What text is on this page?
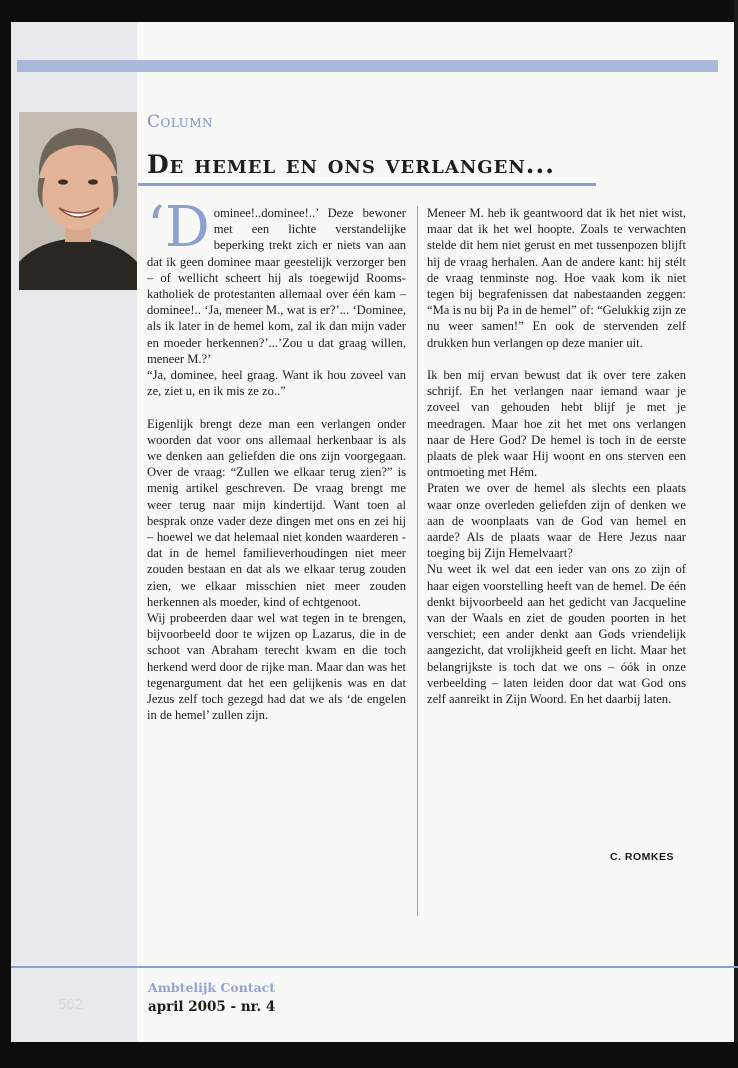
Column

De hemel en ons verlangen...

‘D ominee!..dominee!..’ Deze bewoner met een lichte verstandelijke beperking trekt zich er niets van aan dat ik geen dominee maar geestelijk verzorger ben – of wellicht scheert hij als toegewijd Rooms-katholiek de protestanten allemaal over één kam – dominee!.. ‘Ja, meneer M., wat is er?’... ‘Dominee, als ik later in de hemel kom, zal ik dan mijn vader en moeder herkennen?’...’Zou u dat graag willen, meneer M.?’

“Ja, dominee, heel graag. Want ik hou zoveel van ze, ziet u, en ik mis ze zo..”

Eigenlijk brengt deze man een verlangen onder woorden dat voor ons allemaal herkenbaar is als we denken aan geliefden die ons zijn voorgegaan. Over de vraag: “Zullen we elkaar terug zien?” is menig artikel geschreven. De vraag brengt me weer terug naar mijn kindertijd. Want toen al besprak onze vader deze dingen met ons en zei hij – hoewel we dat helemaal niet konden waarderen - dat in de hemel familieverhoudingen niet meer zouden bestaan en dat als we elkaar terug zouden zien, we elkaar misschien niet meer zouden herkennen als moeder, kind of echtgenoot.

Wij probeerden daar wel wat tegen in te brengen, bijvoorbeeld door te wijzen op Lazarus, die in de schoot van Abraham terecht kwam en die toch herkend werd door de rijke man. Maar dan was het tegenargument dat het een gelijkenis was en dat Jezus zelf toch gezegd had dat we als ‘de engelen in de hemel’ zullen zijn.

Meneer M. heb ik geantwoord dat ik het niet wist, maar dat ik het wel hoopte. Zoals te verwachten stelde dit hem niet gerust en met tussenpozen blijft hij de vraag herhalen. Aan de andere kant: hij stélt de vraag tenminste nog. Hoe vaak kom ik niet tegen bij begrafenissen dat nabestaanden zeggen: “Ma is nu bij Pa in de hemel” of: “Gelukkig zijn ze nu weer samen!” En ook de stervenden zelf drukken hun verlangen op deze manier uit.

Ik ben mij ervan bewust dat ik over tere zaken schrijf. En het verlangen naar iemand waar je zoveel van gehouden hebt blijf je met je meedragen. Maar hoe zit het met ons verlangen naar de Here God? De hemel is toch in de eerste plaats de plek waar Hij woont en ons sterven een ontmoeting met Hém.

Praten we over de hemel als slechts een plaats waar onze overleden geliefden zijn of denken we aan de woonplaats van de God van hemel en aarde? Als de plaats waar de Here Jezus naar toeging bij Zijn Hemelvaart?

Nu weet ik wel dat een ieder van ons zo zijn of haar eigen voorstelling heeft van de hemel. De één denkt bijvoorbeeld aan het gedicht van Jacqueline van der Waals en ziet de gouden poorten in het verschiet; een ander denkt aan Gods vriendelijk aangezicht, dat vrolijkheid geeft en licht. Maar het belangrijkste is toch dat we ons – óók in onze verbeelding – laten leiden door dat wat God ons zelf aanreikt in Zijn Woord. En het daarbij laten.

C. ROMKES

562

Ambtelijk Contact

april 2005 - nr. 4
